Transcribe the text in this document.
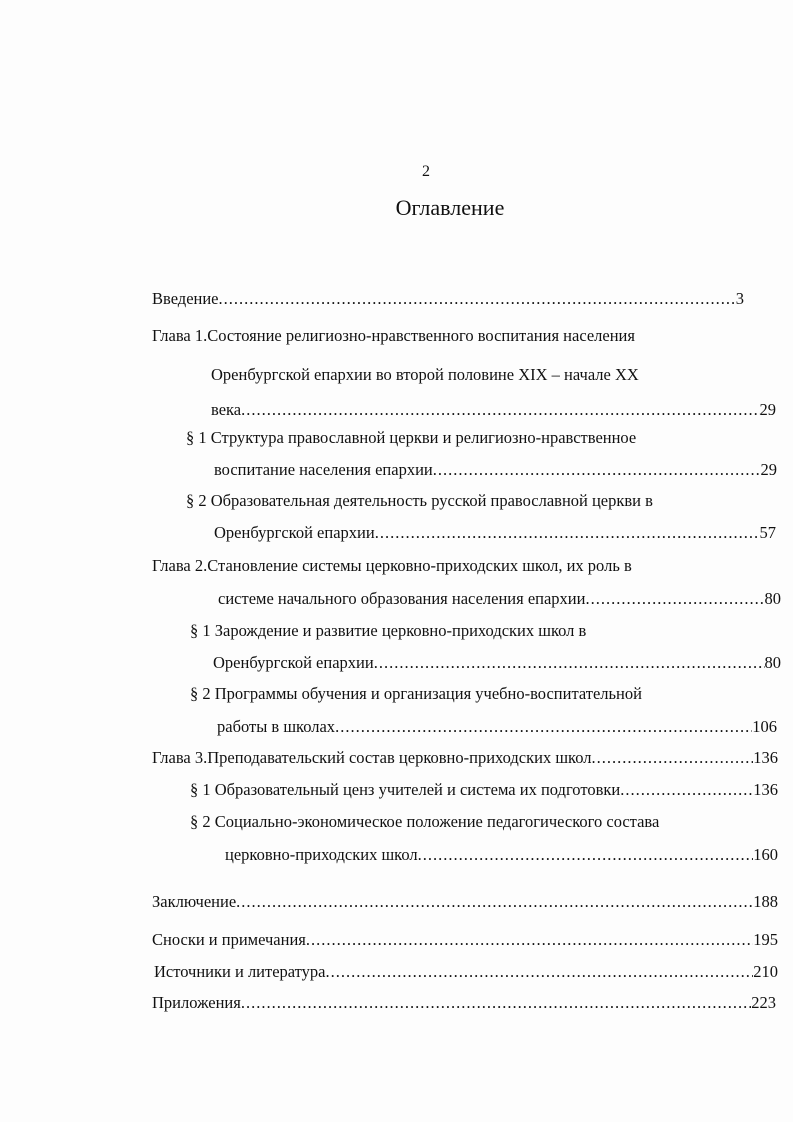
2
Оглавление
Введение .....	3
Глава 1.Состояние религиозно-нравственного воспитания населения
Оренбургской епархии во второй половине XIX – начале XX
века .....	29
§ 1 Структура православной церкви и религиозно-нравственное
воспитание населения епархии .....	29
§ 2 Образовательная деятельность русской православной церкви в
Оренбургской епархии .....	57
Глава 2.Становление системы церковно-приходских школ, их роль в
системе начального образования населения епархии .....	80
§ 1 Зарождение и развитие церковно-приходских школ в
Оренбургской епархии .....	80
§ 2 Программы обучения и организация учебно-воспитательной
работы в школах .....	106
Глава 3.Преподавательский состав церковно-приходских школ .....	136
§ 1 Образовательный ценз учителей и система их подготовки .....	136
§ 2 Социально-экономическое положение педагогического состава
церковно-приходских школ .....	160
Заключение .....	188
Сноски и примечания .....	195
Источники и литература .....	210
Приложения .....	223
